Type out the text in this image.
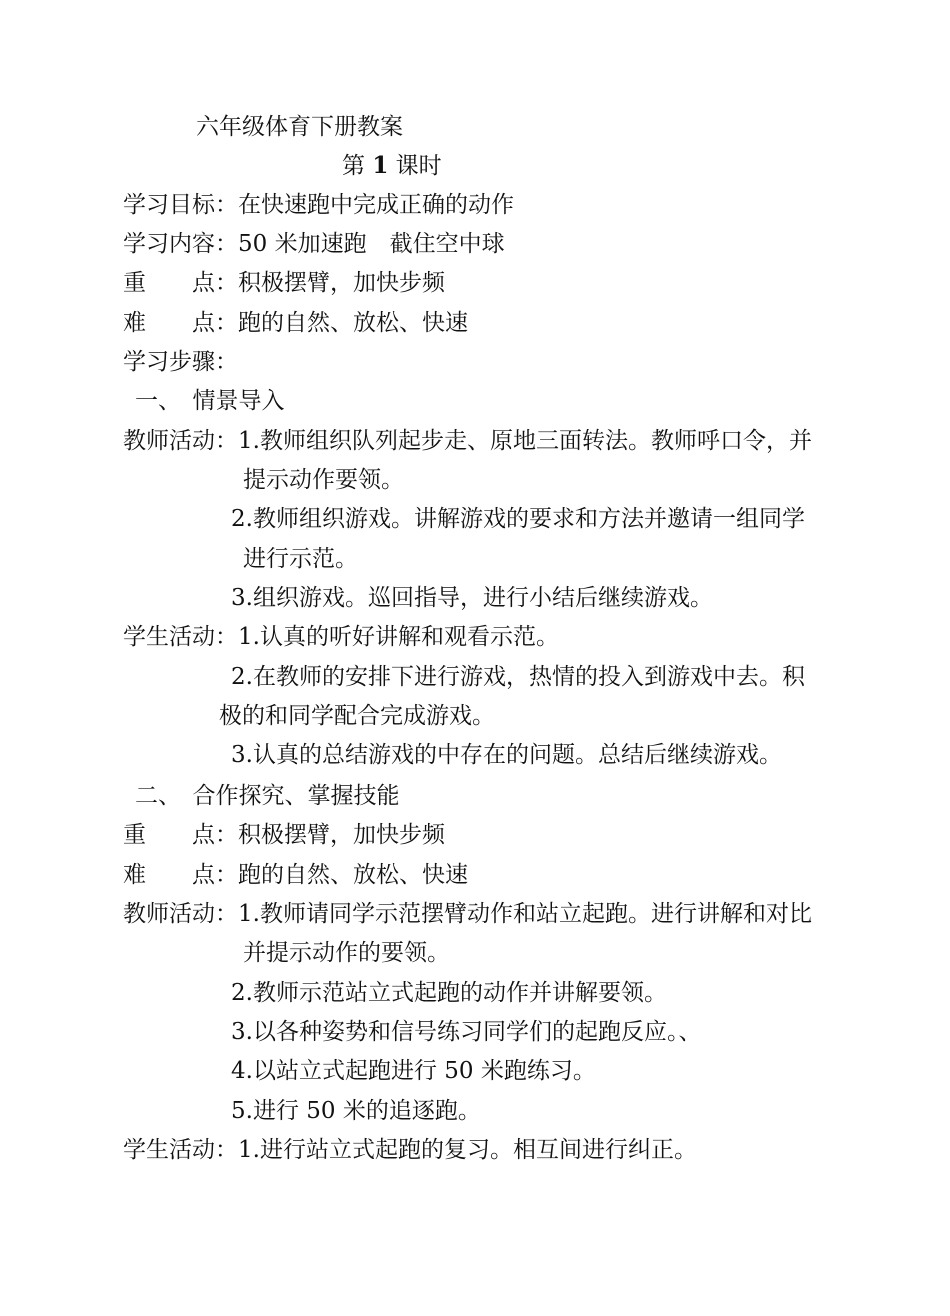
六年级体育下册教案
第 1 课时
学习目标：在快速跑中完成正确的动作
学习内容：50 米加速跑　截住空中球
重　　点：积极摆臂，加快步频
难　　点：跑的自然、放松、快速
学习步骤：
一、　情景导入
教师活动：1.教师组织队列起步走、原地三面转法。教师呼口令，并
提示动作要领。
2.教师组织游戏。讲解游戏的要求和方法并邀请一组同学
进行示范。
3.组织游戏。巡回指导，进行小结后继续游戏。
学生活动：1.认真的听好讲解和观看示范。
2.在教师的安排下进行游戏，热情的投入到游戏中去。积
极的和同学配合完成游戏。
3.认真的总结游戏的中存在的问题。总结后继续游戏。
二、　合作探究、掌握技能
重　　点：积极摆臂，加快步频
难　　点：跑的自然、放松、快速
教师活动：1.教师请同学示范摆臂动作和站立起跑。进行讲解和对比
并提示动作的要领。
2.教师示范站立式起跑的动作并讲解要领。
3.以各种姿势和信号练习同学们的起跑反应。、
4.以站立式起跑进行 50 米跑练习。
5.进行 50 米的追逐跑。
学生活动：1.进行站立式起跑的复习。相互间进行纠正。
